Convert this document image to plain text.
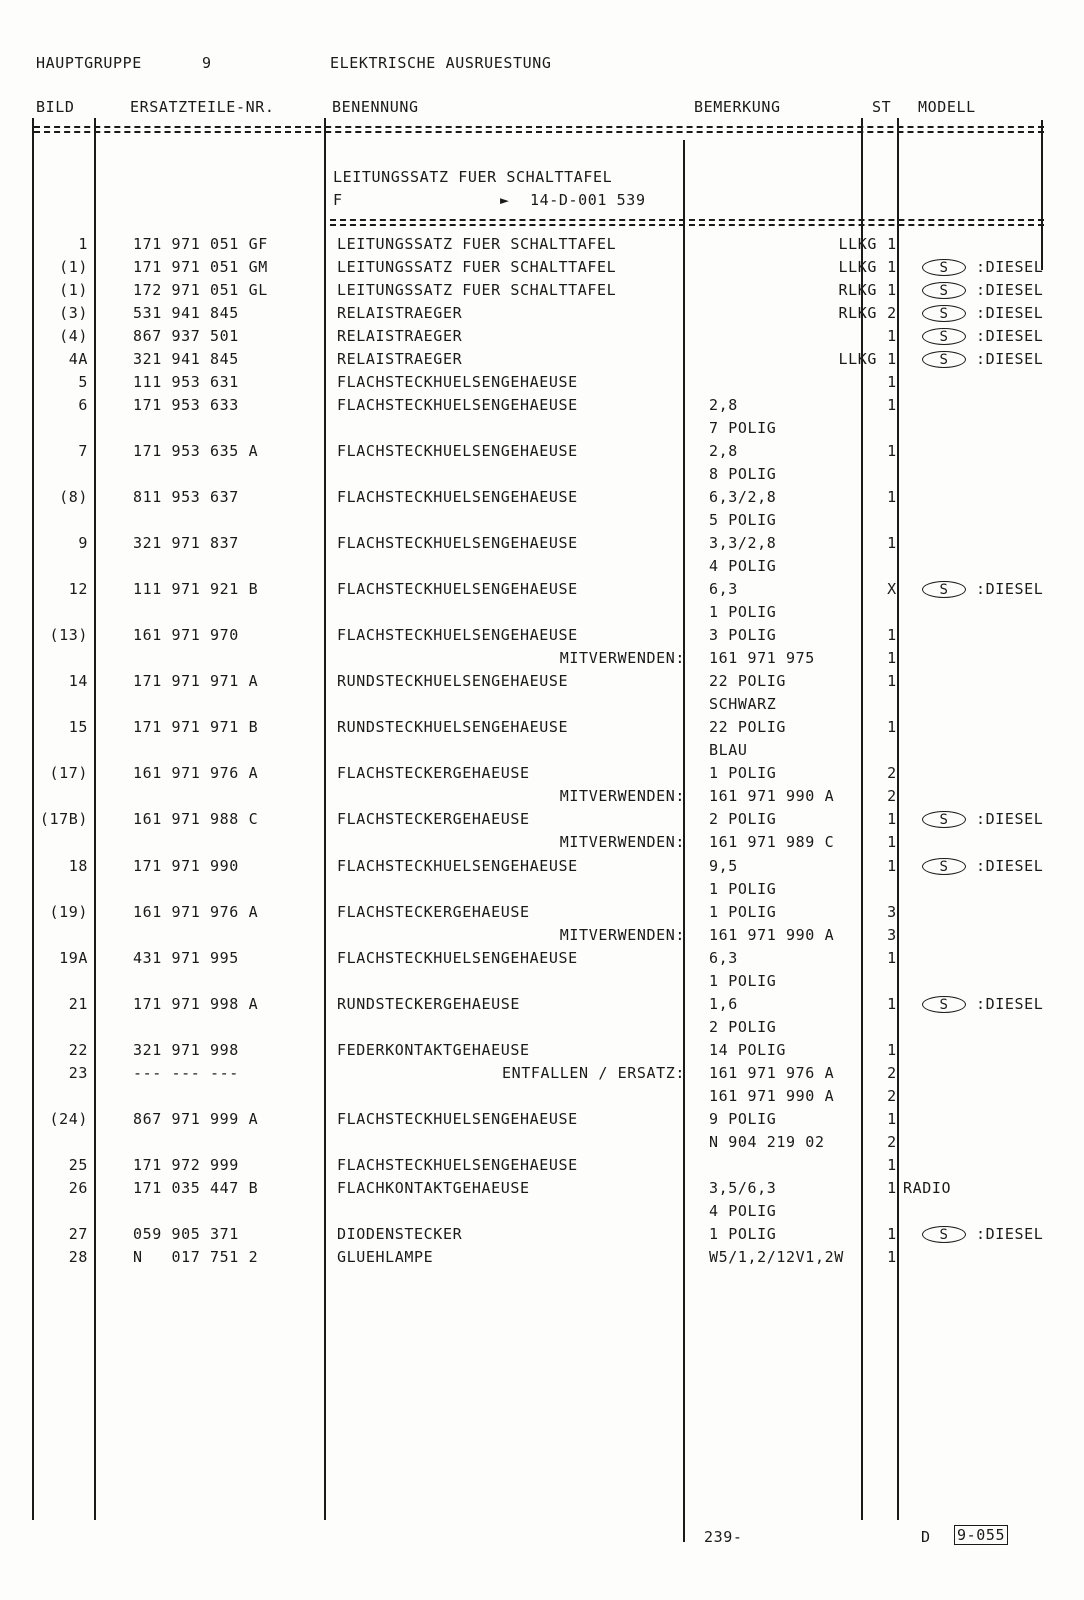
HAUPTGRUPPE	9	ELEKTRISCHE AUSRUESTUNG
BILD	ERSATZTEILE-NR.	BENENNUNG	BEMERKUNG	ST MODELL
LEITUNGSSATZ FUER SCHALTTAFEL
F	► 14-D-001 539
1	171 971 051 GF	LEITUNGSSATZ FUER SCHALTTAFEL	LLKG 1
(1)	171 971 051 GM	LEITUNGSSATZ FUER SCHALTTAFEL	LLKG 1	S :DIESEL
(1)	172 971 051 GL	LEITUNGSSATZ FUER SCHALTTAFEL	RLKG 1	S :DIESEL
(3)	531 941 845	RELAISTRAEGER	RLKG 2	S :DIESEL
(4)	867 937 501	RELAISTRAEGER	1	S :DIESEL
4A	321 941 845	RELAISTRAEGER	LLKG 1	S :DIESEL
5	111 953 631	FLACHSTECKHUELSENGEHAEUSE	1
6	171 953 633	FLACHSTECKHUELSENGEHAEUSE	2,8	1
7 POLIG
7	171 953 635 A	FLACHSTECKHUELSENGEHAEUSE	2,8	1
8 POLIG
(8)	811 953 637	FLACHSTECKHUELSENGEHAEUSE	6,3/2,8	1
5 POLIG
9	321 971 837	FLACHSTECKHUELSENGEHAEUSE	3,3/2,8	1
4 POLIG
12	111 971 921 B	FLACHSTECKHUELSENGEHAEUSE	6,3	X	S :DIESEL
1 POLIG
(13)	161 971 970	FLACHSTECKHUELSENGEHAEUSE	3 POLIG	1
MITVERWENDEN: 161 971 975	1
14	171 971 971 A	RUNDSTECKHUELSENGEHAEUSE	22 POLIG	1
SCHWARZ
15	171 971 971 B	RUNDSTECKHUELSENGEHAEUSE	22 POLIG	1
BLAU
(17)	161 971 976 A	FLACHSTECKERGEHAEUSE	1 POLIG	2
MITVERWENDEN: 161 971 990 A	2
(17B)	161 971 988 C	FLACHSTECKERGEHAEUSE	2 POLIG	1	S :DIESEL
MITVERWENDEN: 161 971 989 C	1
18	171 971 990	FLACHSTECKHUELSENGEHAEUSE	9,5	1	S :DIESEL
1 POLIG
(19)	161 971 976 A	FLACHSTECKERGEHAEUSE	1 POLIG	3
MITVERWENDEN: 161 971 990 A	3
19A	431 971 995	FLACHSTECKHUELSENGEHAEUSE	6,3	1
1 POLIG
21	171 971 998 A	RUNDSTECKERGEHAEUSE	1,6	1	S :DIESEL
2 POLIG
22	321 971 998	FEDERKONTAKTGEHAEUSE	14 POLIG	1
23	--- --- ---	ENTFALLEN / ERSATZ: 161 971 976 A	2
161 971 990 A	2
(24)	867 971 999 A	FLACHSTECKHUELSENGEHAEUSE	9 POLIG	1
N 904 219 02	2
25	171 972 999	FLACHSTECKHUELSENGEHAEUSE	1
26	171 035 447 B	FLACHKONTAKTGEHAEUSE	3,5/6,3	1 RADIO
4 POLIG
27	059 905 371	DIODENSTECKER	1 POLIG	1	S :DIESEL
28	N   017 751 2	GLUEHLAMPE	W5/1,2/12V1,2W	1
239-	D 9-055
